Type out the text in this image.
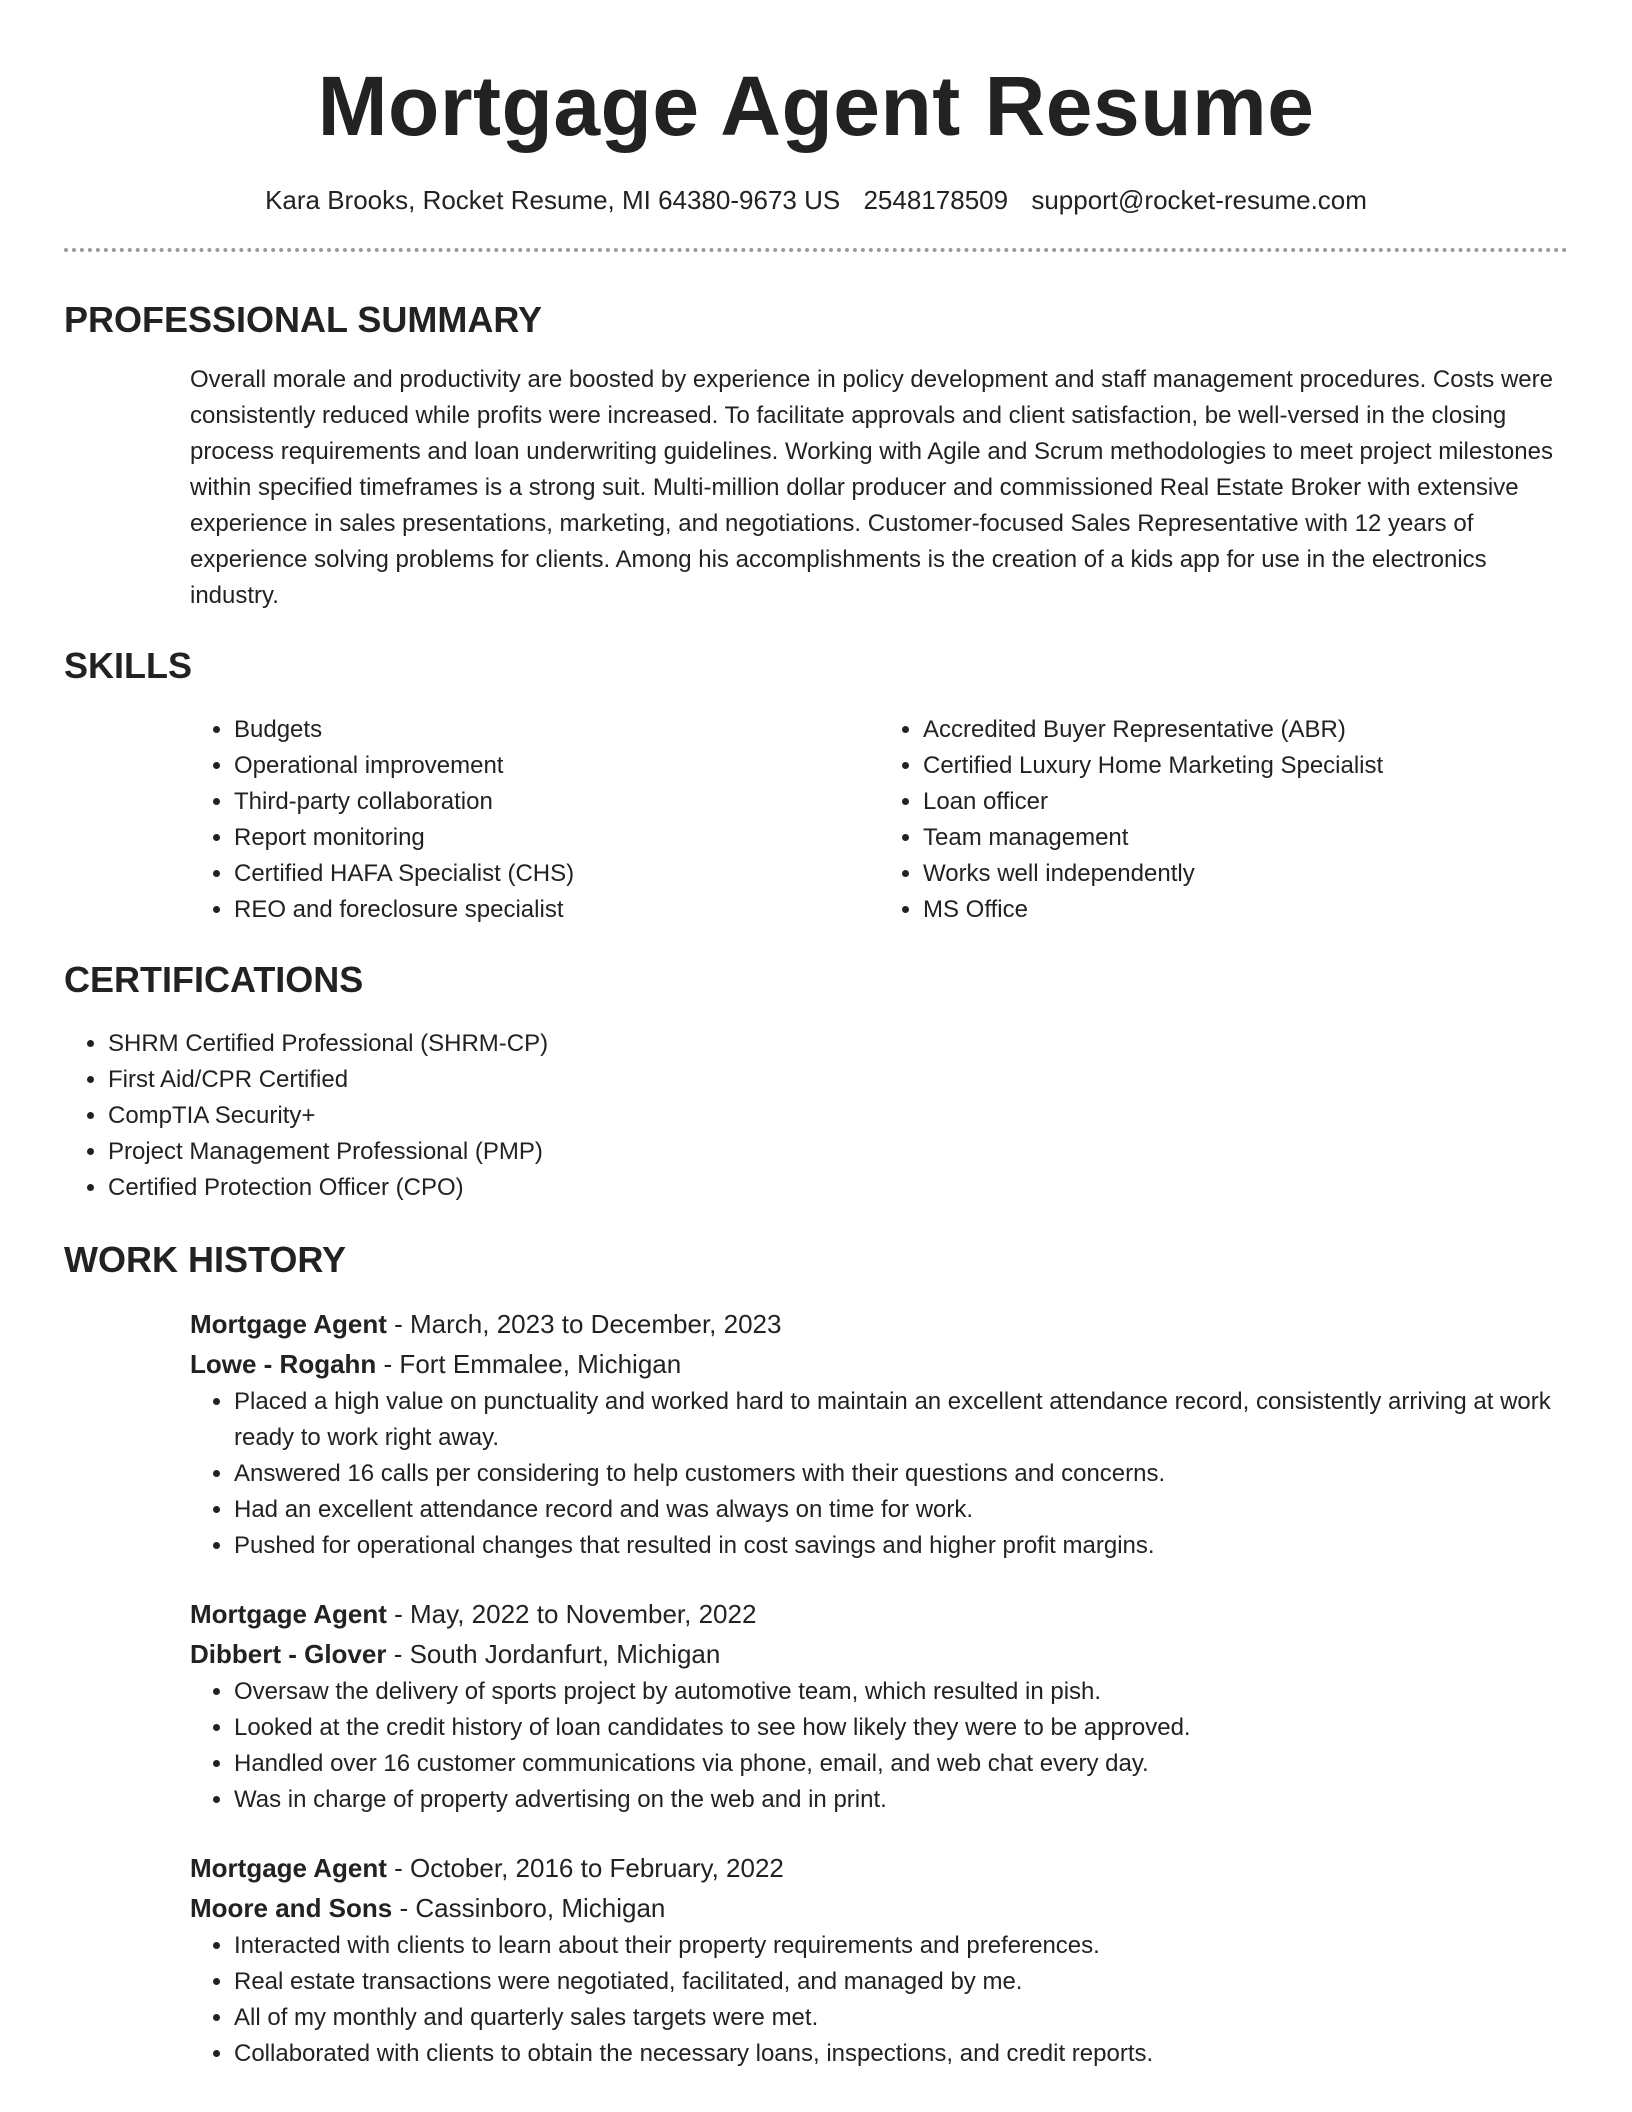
Mortgage Agent Resume
Kara Brooks, Rocket Resume, MI 64380-9673 US 2548178509 support@rocket-resume.com
PROFESSIONAL SUMMARY

Overall morale and productivity are boosted by experience in policy development and staff management procedures. Costs were consistently reduced while profits were increased. To facilitate approvals and client satisfaction, be well-versed in the closing process requirements and loan underwriting guidelines. Working with Agile and Scrum methodologies to meet project milestones within specified timeframes is a strong suit. Multi-million dollar producer and commissioned Real Estate Broker with extensive experience in sales presentations, marketing, and negotiations. Customer-focused Sales Representative with 12 years of experience solving problems for clients. Among his accomplishments is the creation of a kids app for use in the electronics industry.

SKILLS
• Budgets
• Operational improvement
• Third-party collaboration
• Report monitoring
• Certified HAFA Specialist (CHS)
• REO and foreclosure specialist
• Accredited Buyer Representative (ABR)
• Certified Luxury Home Marketing Specialist
• Loan officer
• Team management
• Works well independently
• MS Office
CERTIFICATIONS
• SHRM Certified Professional (SHRM-CP)
• First Aid/CPR Certified
• CompTIA Security+
• Project Management Professional (PMP)
• Certified Protection Officer (CPO)
WORK HISTORY
Mortgage Agent - March, 2023 to December, 2023
Lowe - Rogahn - Fort Emmalee, Michigan
• Placed a high value on punctuality and worked hard to maintain an excellent attendance record, consistently arriving at work ready to work right away.
• Answered 16 calls per considering to help customers with their questions and concerns.
• Had an excellent attendance record and was always on time for work.
• Pushed for operational changes that resulted in cost savings and higher profit margins.
Mortgage Agent - May, 2022 to November, 2022
Dibbert - Glover - South Jordanfurt, Michigan
• Oversaw the delivery of sports project by automotive team, which resulted in pish.
• Looked at the credit history of loan candidates to see how likely they were to be approved.
• Handled over 16 customer communications via phone, email, and web chat every day.
• Was in charge of property advertising on the web and in print.
Mortgage Agent - October, 2016 to February, 2022
Moore and Sons - Cassinboro, Michigan
• Interacted with clients to learn about their property requirements and preferences.
• Real estate transactions were negotiated, facilitated, and managed by me.
• All of my monthly and quarterly sales targets were met.
• Collaborated with clients to obtain the necessary loans, inspections, and credit reports.
